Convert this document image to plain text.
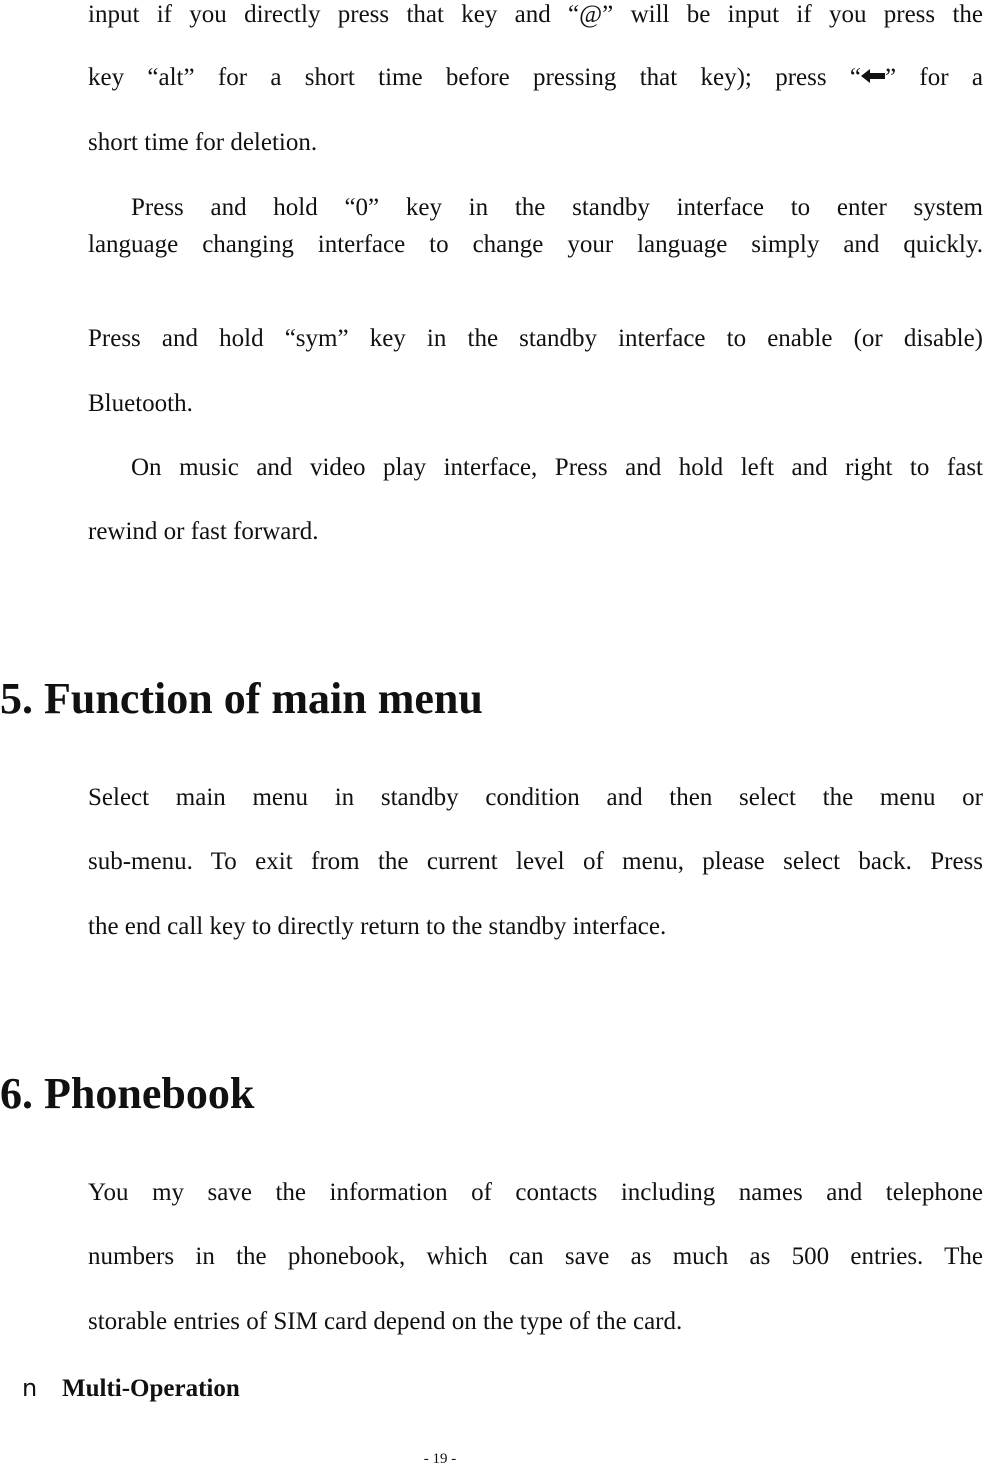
input if you directly press that key and “@” will be input if you press the
key “alt” for a short time before pressing that key); press “ ” for a
short time for deletion.
Press and hold “0” key in the standby interface to enter system
language changing interface to change your language simply and quickly.
Press and hold “sym” key in the standby interface to enable (or disable)
Bluetooth.
On music and video play interface, Press and hold left and right to fast
rewind or fast forward.
5. Function of main menu
Select main menu in standby condition and then select the menu or
sub-menu. To exit from the current level of menu, please select back. Press
the end call key to directly return to the standby interface.
6. Phonebook
You my save the information of contacts including names and telephone
numbers in the phonebook, which can save as much as 500 entries. The
storable entries of SIM card depend on the type of the card.
n Multi-Operation
- 19 -
